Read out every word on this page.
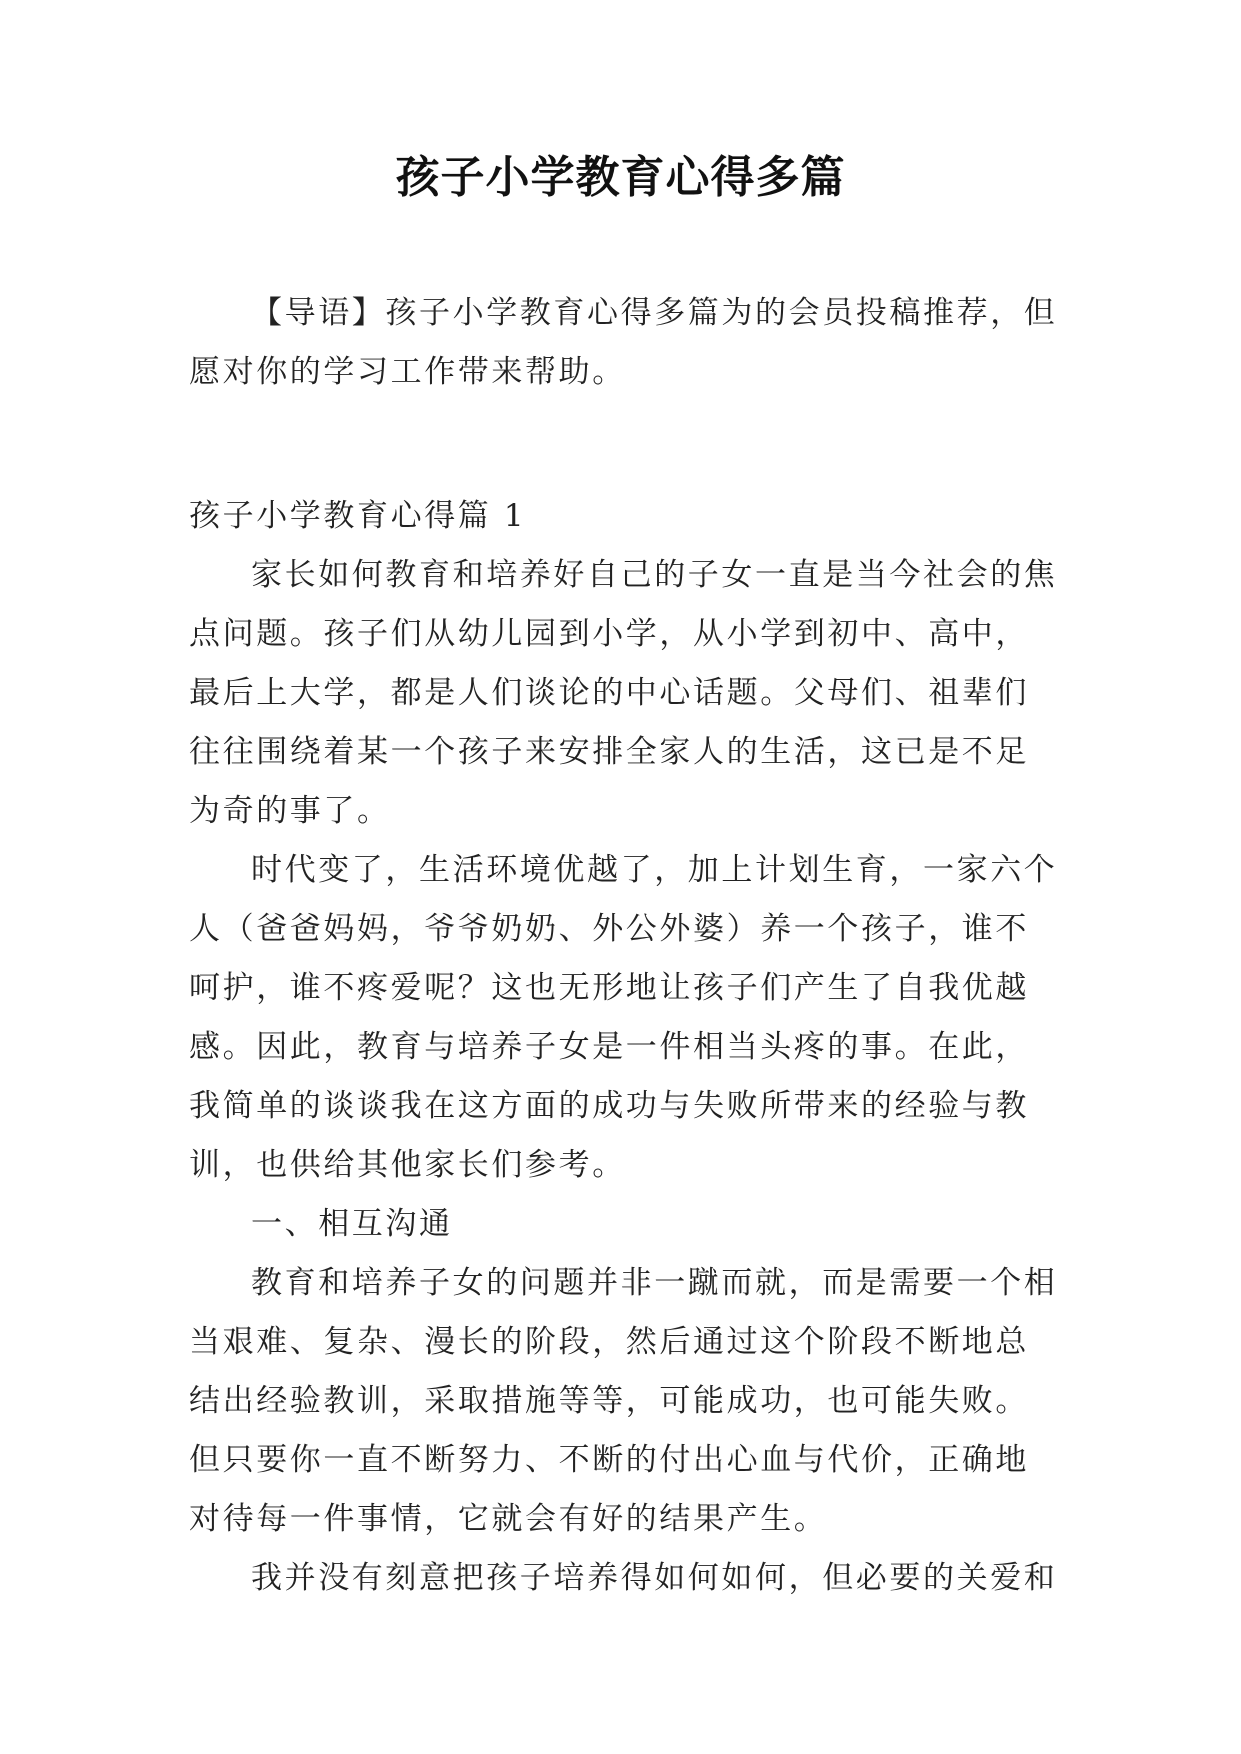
孩子小学教育心得多篇

【导语】孩子小学教育心得多篇为的会员投稿推荐，但愿对你的学习工作带来帮助。

孩子小学教育心得篇 1

家长如何教育和培养好自己的子女一直是当今社会的焦点问题。孩子们从幼儿园到小学，从小学到初中、高中，最后上大学，都是人们谈论的中心话题。父母们、祖辈们往往围绕着某一个孩子来安排全家人的生活，这已是不足为奇的事了。

时代变了，生活环境优越了，加上计划生育，一家六个人（爸爸妈妈，爷爷奶奶、外公外婆）养一个孩子，谁不呵护，谁不疼爱呢？这也无形地让孩子们产生了自我优越感。因此，教育与培养子女是一件相当头疼的事。在此，我简单的谈谈我在这方面的成功与失败所带来的经验与教训，也供给其他家长们参考。

一、相互沟通

教育和培养子女的问题并非一蹴而就，而是需要一个相当艰难、复杂、漫长的阶段，然后通过这个阶段不断地总结出经验教训，采取措施等等，可能成功，也可能失败。但只要你一直不断努力、不断的付出心血与代价，正确地对待每一件事情，它就会有好的结果产生。

我并没有刻意把孩子培养得如何如何，但必要的关爱和
